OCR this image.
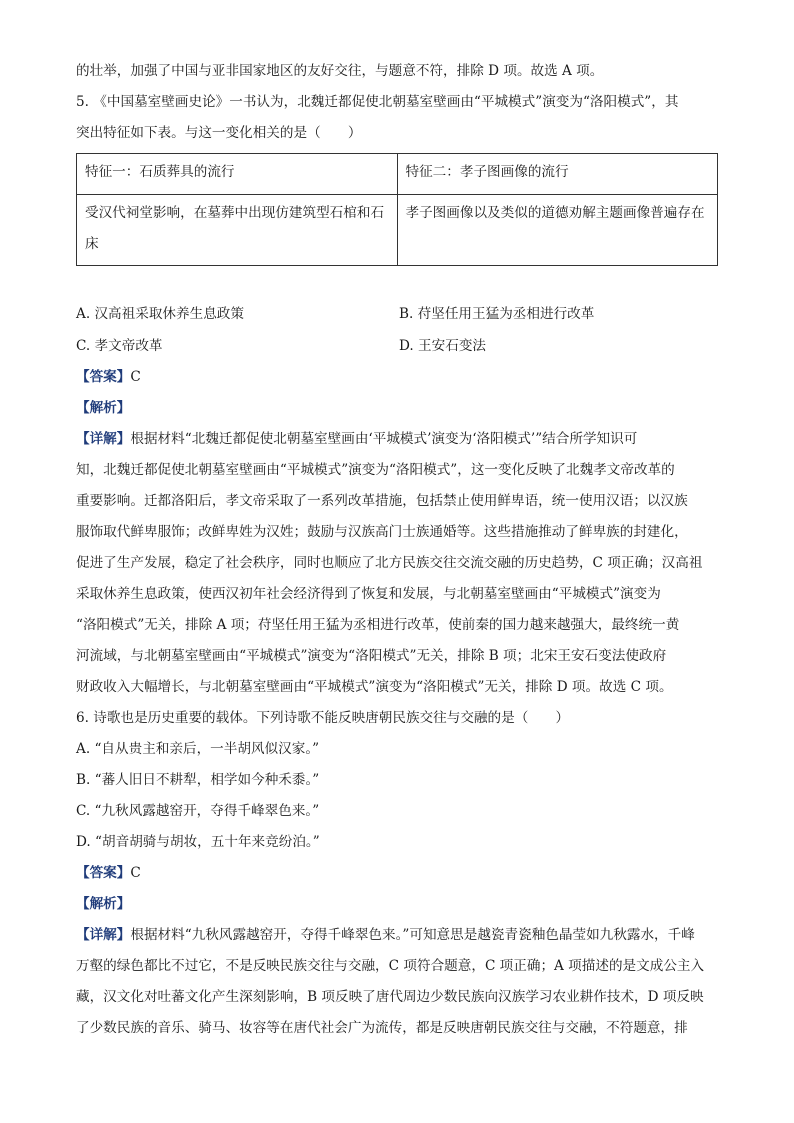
的壮举，加强了中国与亚非国家地区的友好交往，与题意不符，排除 D 项。故选 A 项。

5. 《中国墓室壁画史论》一书认为，北魏迁都促使北朝墓室壁画由“平城模式”演变为“洛阳模式”，其

突出特征如下表。与这一变化相关的是（　　）

特征一：石质葬具的流行	特征二：孝子图画像的流行
受汉代祠堂影响，在墓葬中出现仿建筑型石棺和石床	孝子图画像以及类似的道德劝解主题画像普遍存在
A. 汉高祖采取休养生息政策	B. 苻坚任用王猛为丞相进行改革
C. 孝文帝改革	D. 王安石变法

【答案】C

【解析】

【详解】根据材料“北魏迁都促使北朝墓室壁画由‘平城模式’演变为‘洛阳模式’”结合所学知识可

知，北魏迁都促使北朝墓室壁画由“平城模式”演变为“洛阳模式”，这一变化反映了北魏孝文帝改革的

重要影响。迁都洛阳后，孝文帝采取了一系列改革措施，包括禁止使用鲜卑语，统一使用汉语；以汉族

服饰取代鲜卑服饰；改鲜卑姓为汉姓；鼓励与汉族高门士族通婚等。这些措施推动了鲜卑族的封建化，

促进了生产发展，稳定了社会秩序，同时也顺应了北方民族交往交流交融的历史趋势，C 项正确；汉高祖

采取休养生息政策，使西汉初年社会经济得到了恢复和发展，与北朝墓室壁画由“平城模式”演变为

“洛阳模式”无关，排除 A 项；苻坚任用王猛为丞相进行改革，使前秦的国力越来越强大，最终统一黄

河流域，与北朝墓室壁画由“平城模式”演变为“洛阳模式”无关，排除 B 项；北宋王安石变法使政府

财政收入大幅增长，与北朝墓室壁画由“平城模式”演变为“洛阳模式”无关，排除 D 项。故选 C 项。

6. 诗歌也是历史重要的载体。下列诗歌不能反映唐朝民族交往与交融的是（　　）

A. “自从贵主和亲后，一半胡风似汉家。”

B. “蕃人旧日不耕犁，相学如今种禾黍。”

C. “九秋风露越窑开，夺得千峰翠色来。”

D. “胡音胡骑与胡妆，五十年来竞纷泊。”

【答案】C

【解析】

【详解】根据材料“九秋风露越窑开，夺得千峰翠色来。”可知意思是越瓷青瓷釉色晶莹如九秋露水，千峰

万壑的绿色都比不过它，不是反映民族交往与交融，C 项符合题意，C 项正确；A 项描述的是文成公主入

藏，汉文化对吐蕃文化产生深刻影响，B 项反映了唐代周边少数民族向汉族学习农业耕作技术，D 项反映

了少数民族的音乐、骑马、妆容等在唐代社会广为流传，都是反映唐朝民族交往与交融，不符题意，排
